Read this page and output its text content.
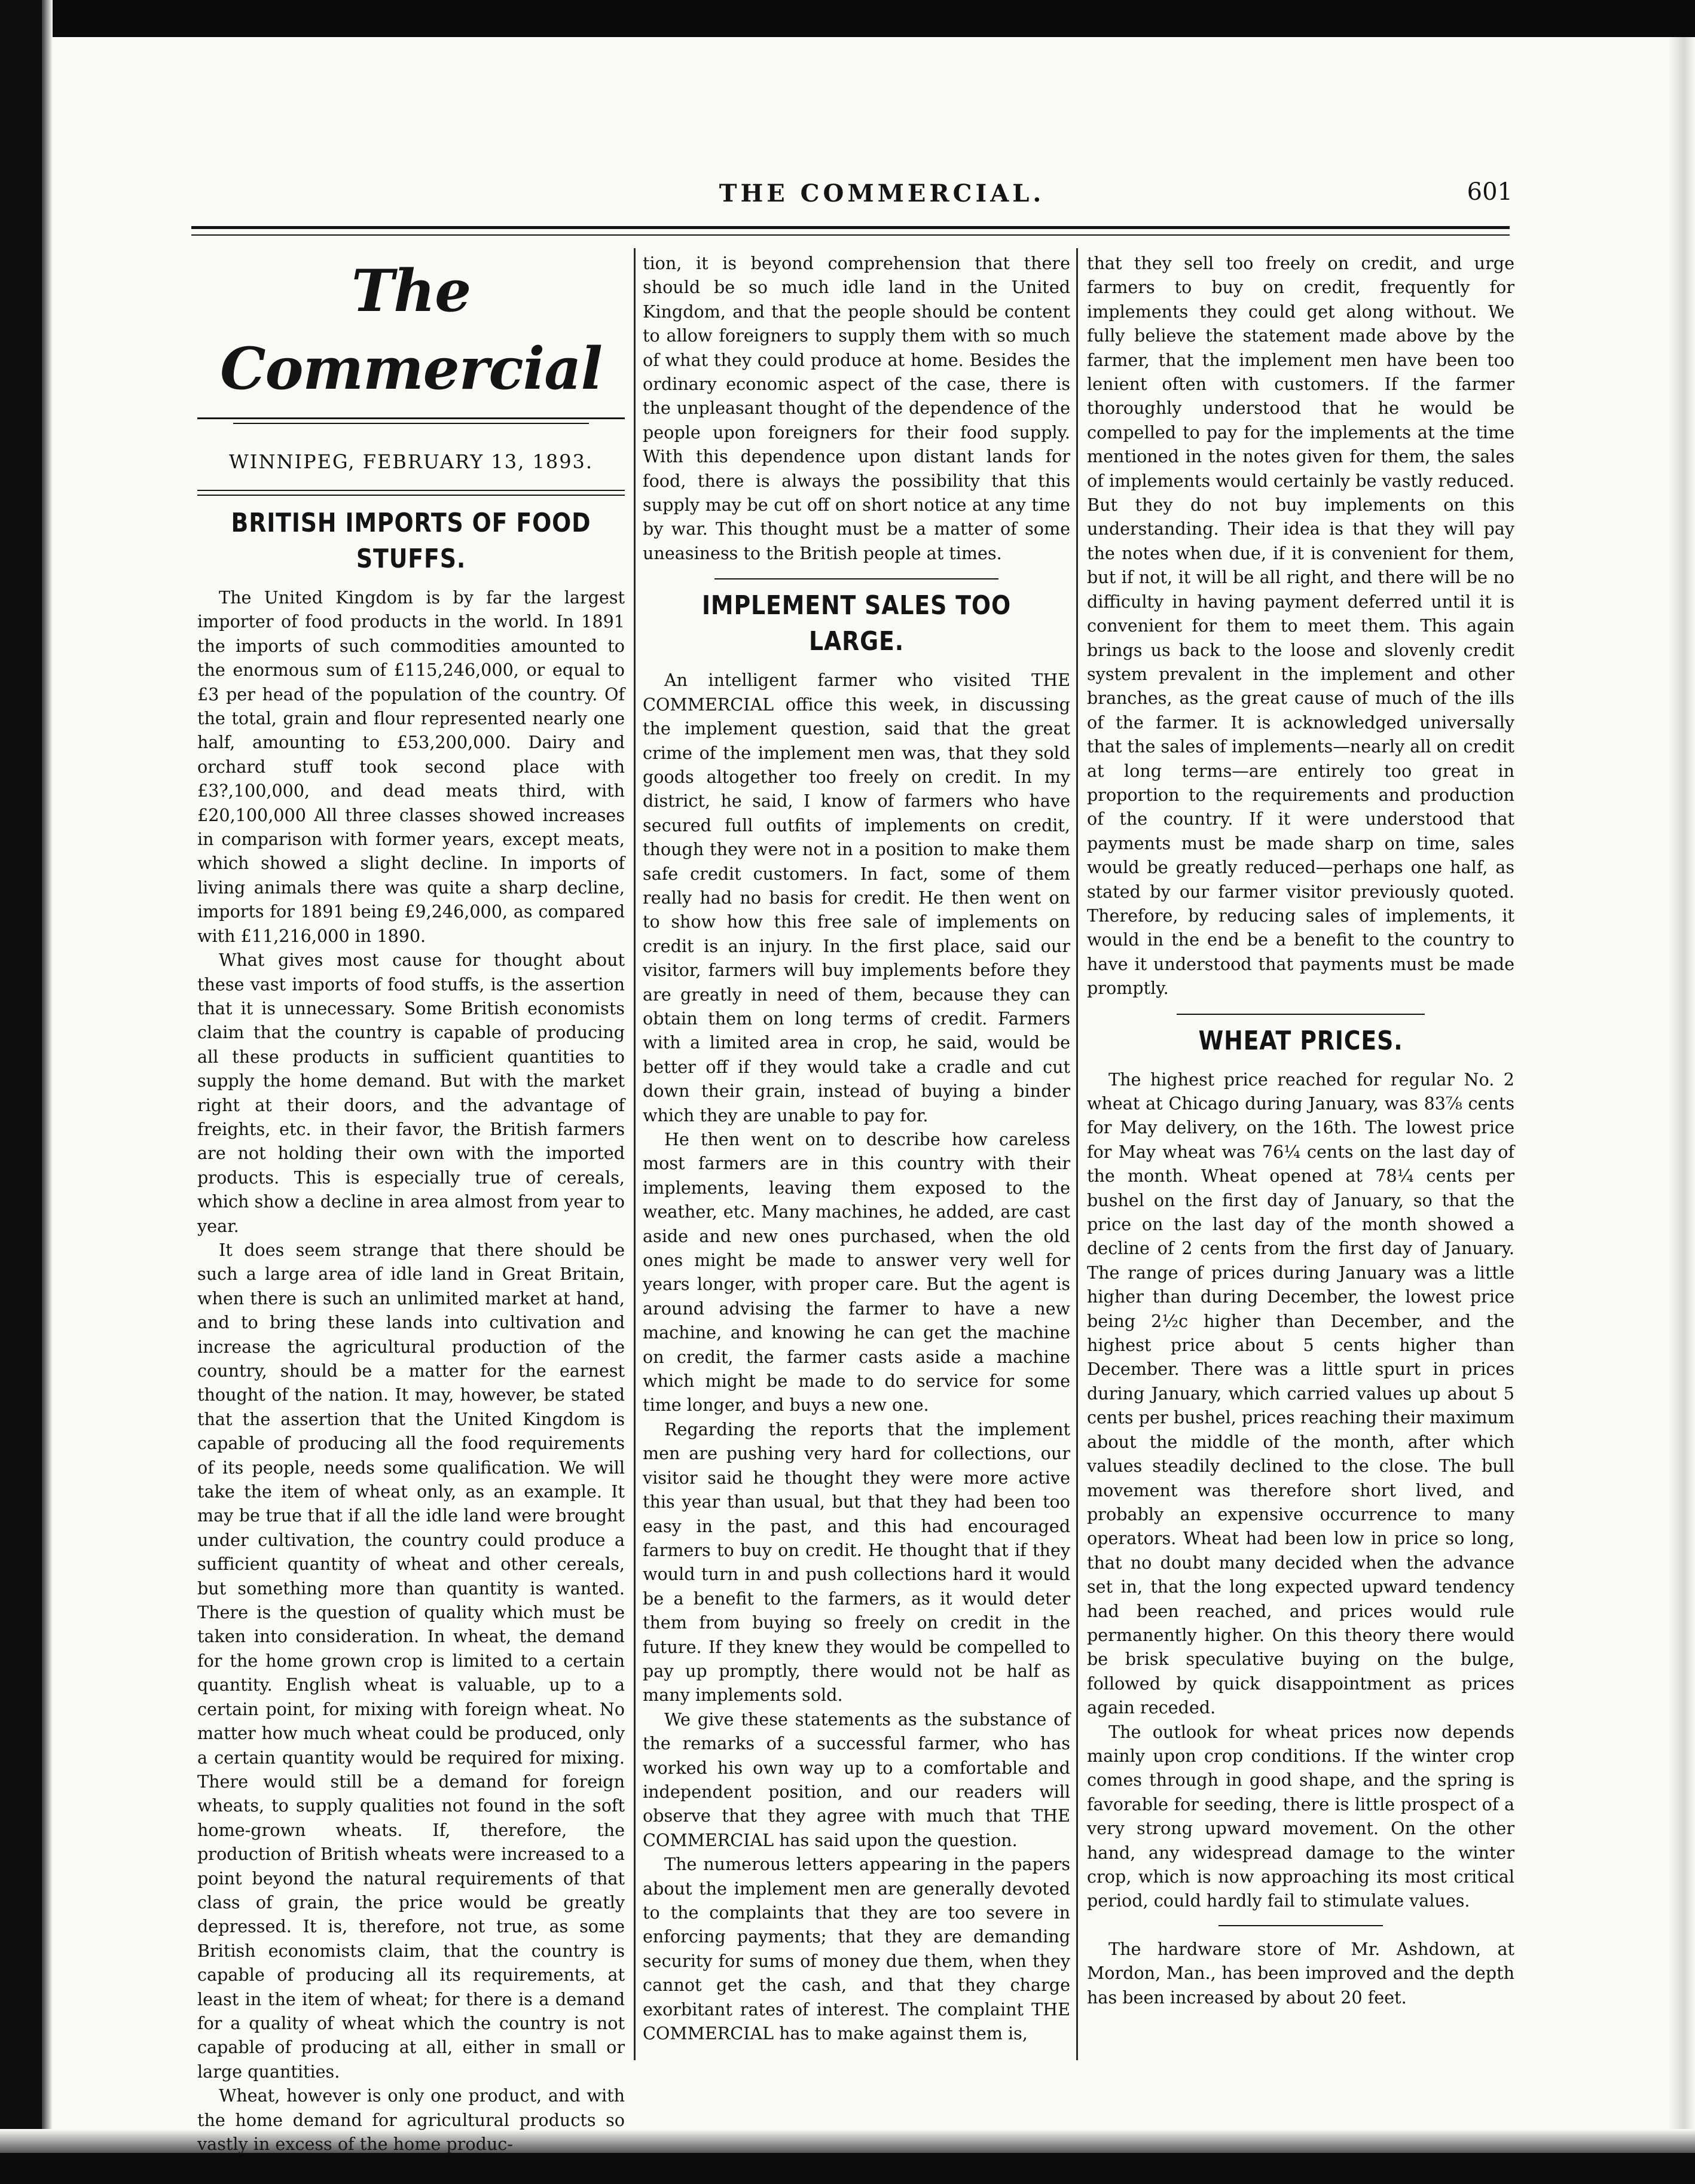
THE COMMERCIAL.	601
The Commercial
WINNIPEG, FEBRUARY 13, 1893.
BRITISH IMPORTS OF FOOD STUFFS.

The United Kingdom is by far the largest importer of food products in the world. In 1891 the imports of such commodities amounted to the enormous sum of £115,246,000, or equal to £3 per head of the population of the country. Of the total, grain and flour represented nearly one half, amounting to £53,200,000. Dairy and orchard stuff took second place with £3?,100,000, and dead meats third, with £20,100,000 All three classes showed increases in comparison with former years, except meats, which showed a slight decline. In imports of living animals there was quite a sharp decline, imports for 1891 being £9,246,000, as compared with £11,216,000 in 1890.

What gives most cause for thought about these vast imports of food stuffs, is the assertion that it is unnecessary. Some British economists claim that the country is capable of producing all these products in sufficient quantities to supply the home demand. But with the market right at their doors, and the advantage of freights, etc. in their favor, the British farmers are not holding their own with the imported products. This is especially true of cereals, which show a decline in area almost from year to year.

It does seem strange that there should be such a large area of idle land in Great Britain, when there is such an unlimited market at hand, and to bring these lands into cultivation and increase the agricultural production of the country, should be a matter for the earnest thought of the nation. It may, however, be stated that the assertion that the United Kingdom is capable of producing all the food requirements of its people, needs some qualification. We will take the item of wheat only, as an example. It may be true that if all the idle land were brought under cultivation, the country could produce a sufficient quantity of wheat and other cereals, but something more than quantity is wanted. There is the question of quality which must be taken into consideration. In wheat, the demand for the home grown crop is limited to a certain quantity. English wheat is valuable, up to a certain point, for mixing with foreign wheat. No matter how much wheat could be produced, only a certain quantity would be required for mixing. There would still be a demand for foreign wheats, to supply qualities not found in the soft home-grown wheats. If, therefore, the production of British wheats were increased to a point beyond the natural requirements of that class of grain, the price would be greatly depressed. It is, therefore, not true, as some British economists claim, that the country is capable of producing all its requirements, at least in the item of wheat; for there is a demand for a quality of wheat which the country is not capable of producing at all, either in small or large quantities.

Wheat, however is only one product, and with the home demand for agricultural products so vastly in excess of the home produc-

tion, it is beyond comprehension that there should be so much idle land in the United Kingdom, and that the people should be content to allow foreigners to supply them with so much of what they could produce at home. Besides the ordinary economic aspect of the case, there is the unpleasant thought of the dependence of the people upon foreigners for their food supply. With this dependence upon distant lands for food, there is always the possibility that this supply may be cut off on short notice at any time by war. This thought must be a matter of some uneasiness to the British people at times.

IMPLEMENT SALES TOO LARGE.

An intelligent farmer who visited THE COMMERCIAL office this week, in discussing the implement question, said that the great crime of the implement men was, that they sold goods altogether too freely on credit. In my district, he said, I know of farmers who have secured full outfits of implements on credit, though they were not in a position to make them safe credit customers. In fact, some of them really had no basis for credit. He then went on to show how this free sale of implements on credit is an injury. In the first place, said our visitor, farmers will buy implements before they are greatly in need of them, because they can obtain them on long terms of credit. Farmers with a limited area in crop, he said, would be better off if they would take a cradle and cut down their grain, instead of buying a binder which they are unable to pay for.

He then went on to describe how careless most farmers are in this country with their implements, leaving them exposed to the weather, etc. Many machines, he added, are cast aside and new ones purchased, when the old ones might be made to answer very well for years longer, with proper care. But the agent is around advising the farmer to have a new machine, and knowing he can get the machine on credit, the farmer casts aside a machine which might be made to do service for some time longer, and buys a new one.

Regarding the reports that the implement men are pushing very hard for collections, our visitor said he thought they were more active this year than usual, but that they had been too easy in the past, and this had encouraged farmers to buy on credit. He thought that if they would turn in and push collections hard it would be a benefit to the farmers, as it would deter them from buying so freely on credit in the future. If they knew they would be compelled to pay up promptly, there would not be half as many implements sold.

We give these statements as the substance of the remarks of a successful farmer, who has worked his own way up to a comfortable and independent position, and our readers will observe that they agree with much that THE COMMERCIAL has said upon the question.

The numerous letters appearing in the papers about the implement men are generally devoted to the complaints that they are too severe in enforcing payments; that they are demanding security for sums of money due them, when they cannot get the cash, and that they charge exorbitant rates of interest. The complaint THE COMMERCIAL has to make against them is,

that they sell too freely on credit, and urge farmers to buy on credit, frequently for implements they could get along without. We fully believe the statement made above by the farmer, that the implement men have been too lenient often with customers. If the farmer thoroughly understood that he would be compelled to pay for the implements at the time mentioned in the notes given for them, the sales of implements would certainly be vastly reduced. But they do not buy implements on this understanding. Their idea is that they will pay the notes when due, if it is convenient for them, but if not, it will be all right, and there will be no difficulty in having payment deferred until it is convenient for them to meet them. This again brings us back to the loose and slovenly credit system prevalent in the implement and other branches, as the great cause of much of the ills of the farmer. It is acknowledged universally that the sales of implements—nearly all on credit at long terms—are entirely too great in proportion to the requirements and production of the country. If it were understood that payments must be made sharp on time, sales would be greatly reduced—perhaps one half, as stated by our farmer visitor previously quoted. Therefore, by reducing sales of implements, it would in the end be a benefit to the country to have it understood that payments must be made promptly.

WHEAT PRICES.

The highest price reached for regular No. 2 wheat at Chicago during January, was 83⅞ cents for May delivery, on the 16th. The lowest price for May wheat was 76¼ cents on the last day of the month. Wheat opened at 78¼ cents per bushel on the first day of January, so that the price on the last day of the month showed a decline of 2 cents from the first day of January. The range of prices during January was a little higher than during December, the lowest price being 2½c higher than December, and the highest price about 5 cents higher than December. There was a little spurt in prices during January, which carried values up about 5 cents per bushel, prices reaching their maximum about the middle of the month, after which values steadily declined to the close. The bull movement was therefore short lived, and probably an expensive occurrence to many operators. Wheat had been low in price so long, that no doubt many decided when the advance set in, that the long expected upward tendency had been reached, and prices would rule permanently higher. On this theory there would be brisk speculative buying on the bulge, followed by quick disappointment as prices again receded.

The outlook for wheat prices now depends mainly upon crop conditions. If the winter crop comes through in good shape, and the spring is favorable for seeding, there is little prospect of a very strong upward movement. On the other hand, any widespread damage to the winter crop, which is now approaching its most critical period, could hardly fail to stimulate values.

The hardware store of Mr. Ashdown, at Mordon, Man., has been improved and the depth has been increased by about 20 feet.
